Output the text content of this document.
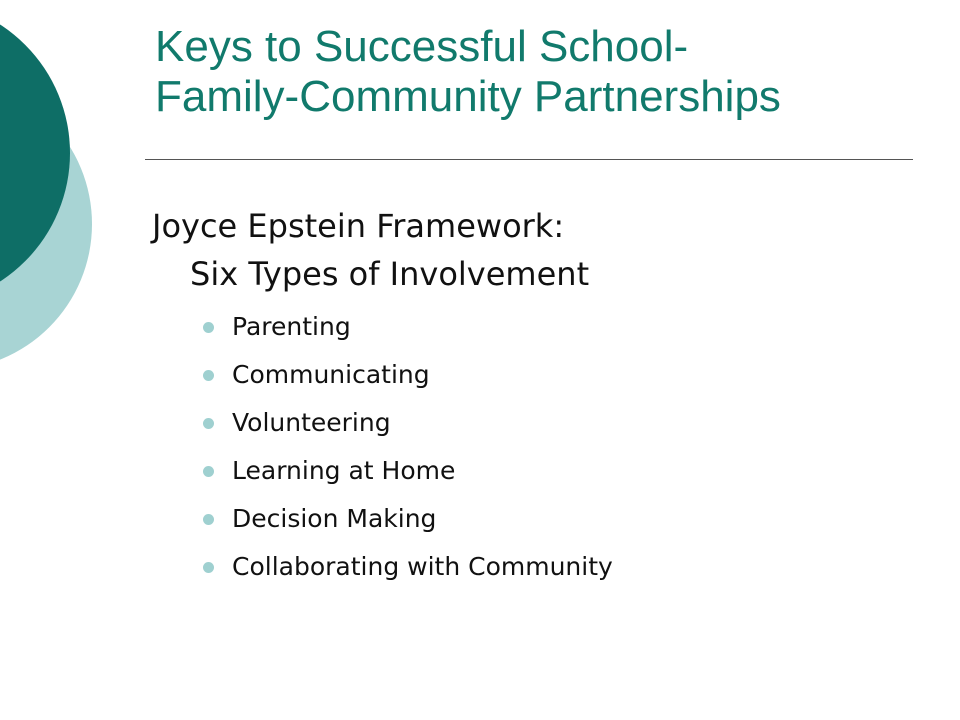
Keys to Successful School-
Family-Community Partnerships

Joyce Epstein Framework:
Six Types of Involvement

Parenting
Communicating
Volunteering
Learning at Home
Decision Making
Collaborating with Community
